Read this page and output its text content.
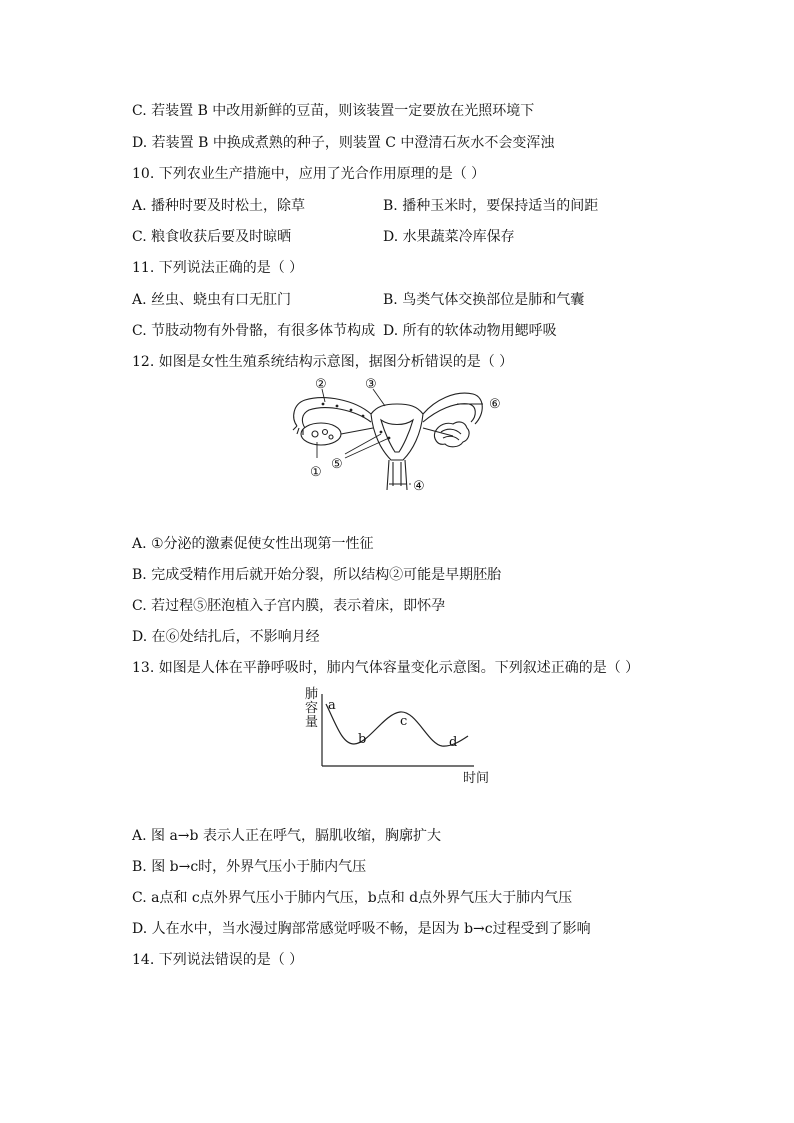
C. 若装置 B 中改用新鲜的豆苗，则该装置一定要放在光照环境下
D. 若装置 B 中换成煮熟的种子，则装置 C 中澄清石灰水不会变浑浊
10. 下列农业生产措施中，应用了光合作用原理的是（ ）
A. 播种时要及时松土，除草	B. 播种玉米时，要保持适当的间距
C. 粮食收获后要及时晾晒	D. 水果蔬菜冷库保存
11. 下列说法正确的是（ ）
A. 丝虫、蛲虫有口无肛门	B. 鸟类气体交换部位是肺和气囊
C. 节肢动物有外骨骼，有很多体节构成 D. 所有的软体动物用鳃呼吸
12. 如图是女性生殖系统结构示意图，据图分析错误的是（ ）
②	③
⑥
①
⑤
④
A. ①分泌的激素促使女性出现第一性征
B. 完成受精作用后就开始分裂，所以结构②可能是早期胚胎
C. 若过程⑤胚泡植入子宫内膜，表示着床，即怀孕
D. 在⑥处结扎后，不影响月经
13. 如图是人体在平静呼吸时，肺内气体容量变化示意图。下列叙述正确的是（ ）
肺容量
时间
a
b
c
d
A. 图 a→b 表示人正在呼气，膈肌收缩，胸廓扩大
B. 图 b→c时，外界气压小于肺内气压
C. a点和 c点外界气压小于肺内气压，b点和 d点外界气压大于肺内气压
D. 人在水中，当水漫过胸部常感觉呼吸不畅，是因为 b→c过程受到了影响
14. 下列说法错误的是（ ）
